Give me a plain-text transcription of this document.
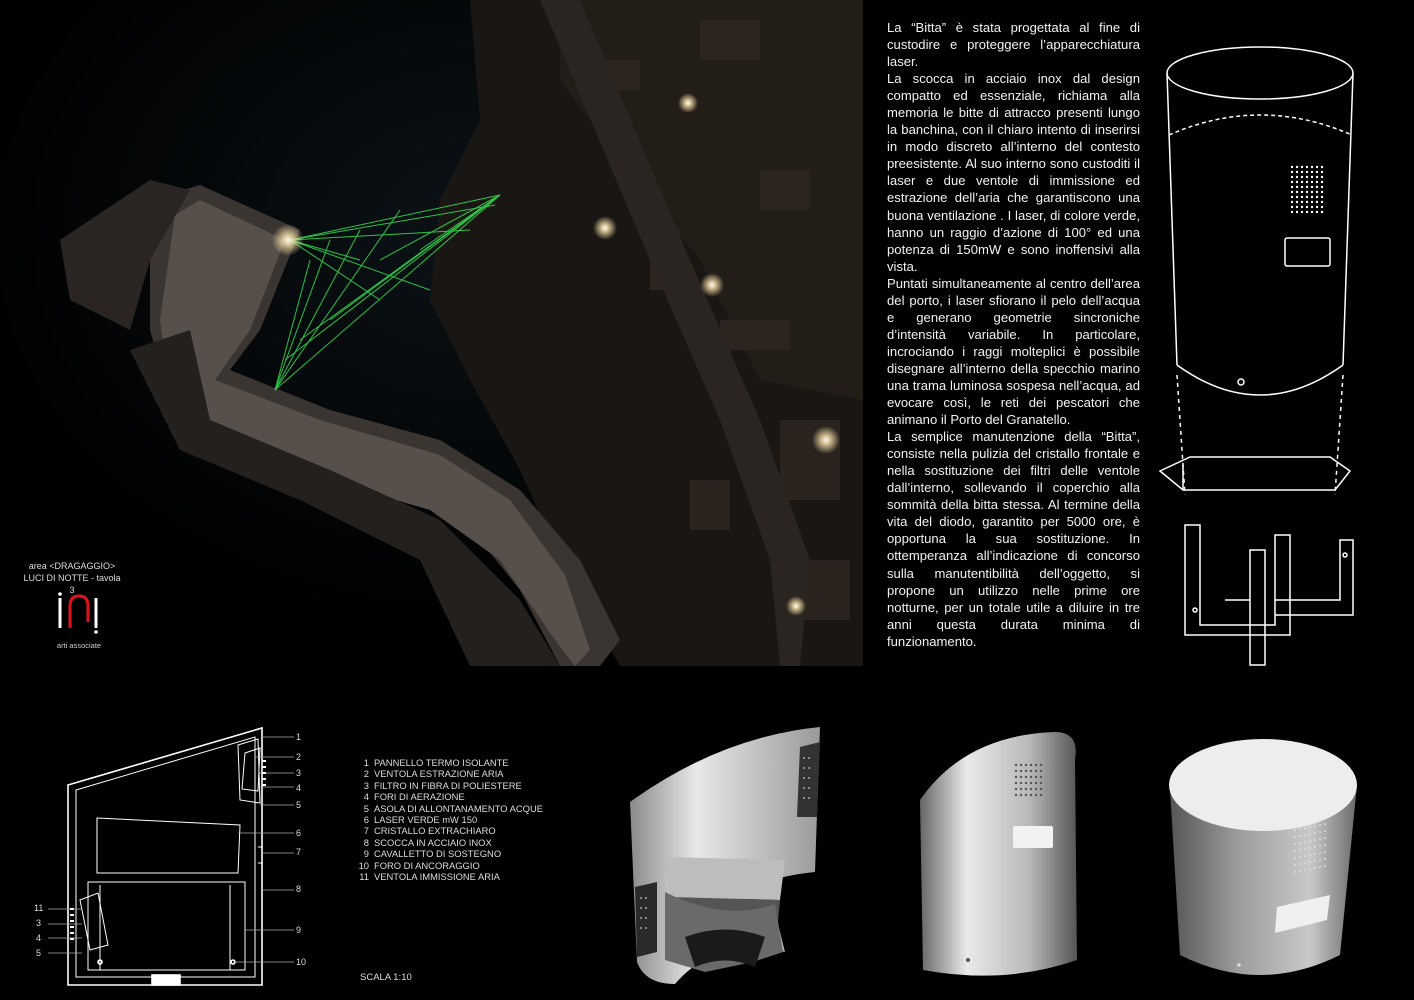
La “Bitta” è stata progettata al fine di custodire e proteggere l’apparecchiatura laser.

La scocca in acciaio inox dal design compatto ed essenziale, richiama alla memoria le bitte di attracco presenti lungo la banchina, con il chiaro intento di inserirsi in modo discreto all’interno del contesto preesistente. Al suo interno sono custoditi il laser e due ventole di immissione ed estrazione dell’aria che garantiscono una buona ventilazione . I laser, di colore verde, hanno un raggio d’azione di 100° ed una potenza di 150mW e sono inoffensivi alla vista.

Puntati simultaneamente al centro dell’area del porto, i laser sfiorano il pelo dell’acqua e generano geometrie sincroniche d’intensità variabile. In particolare, incrociando i raggi molteplici è possibile disegnare all’interno della specchio marino una trama luminosa sospesa nell’acqua, ad evocare così, le reti dei pescatori che animano il Porto del Granatello.

La semplice manutenzione della “Bitta”, consiste nella pulizia del cristallo frontale e nella sostituzione dei filtri delle ventole dall’interno, sollevando il coperchio alla sommità della bitta stessa. Al termine della vita del diodo, garantito per 5000 ore, è opportuna la sua sostituzione. In ottemperanza all’indicazione di concorso sulla manutentibilità dell’oggetto, si propone un utilizzo nelle prime ore notturne, per un totale utile a diluire in tre anni questa durata minima di funzionamento.

area <DRAGAGGIO>
LUCI DI NOTTE - tavola 3
arti associate
1
2
3
4
5
6
7
8
9
10
11
3
4
5
1 PANNELLO TERMO ISOLANTE
2 VENTOLA ESTRAZIONE ARIA
3 FILTRO IN FIBRA DI POLIESTERE
4 FORI DI AERAZIONE
5 ASOLA DI ALLONTANAMENTO ACQUE
6 LASER VERDE mW 150
7 CRISTALLO EXTRACHIARO
8 SCOCCA IN ACCIAIO INOX
9 CAVALLETTO DI SOSTEGNO
10 FORO DI ANCORAGGIO
11 VENTOLA IMMISSIONE ARIA
SCALA 1:10
